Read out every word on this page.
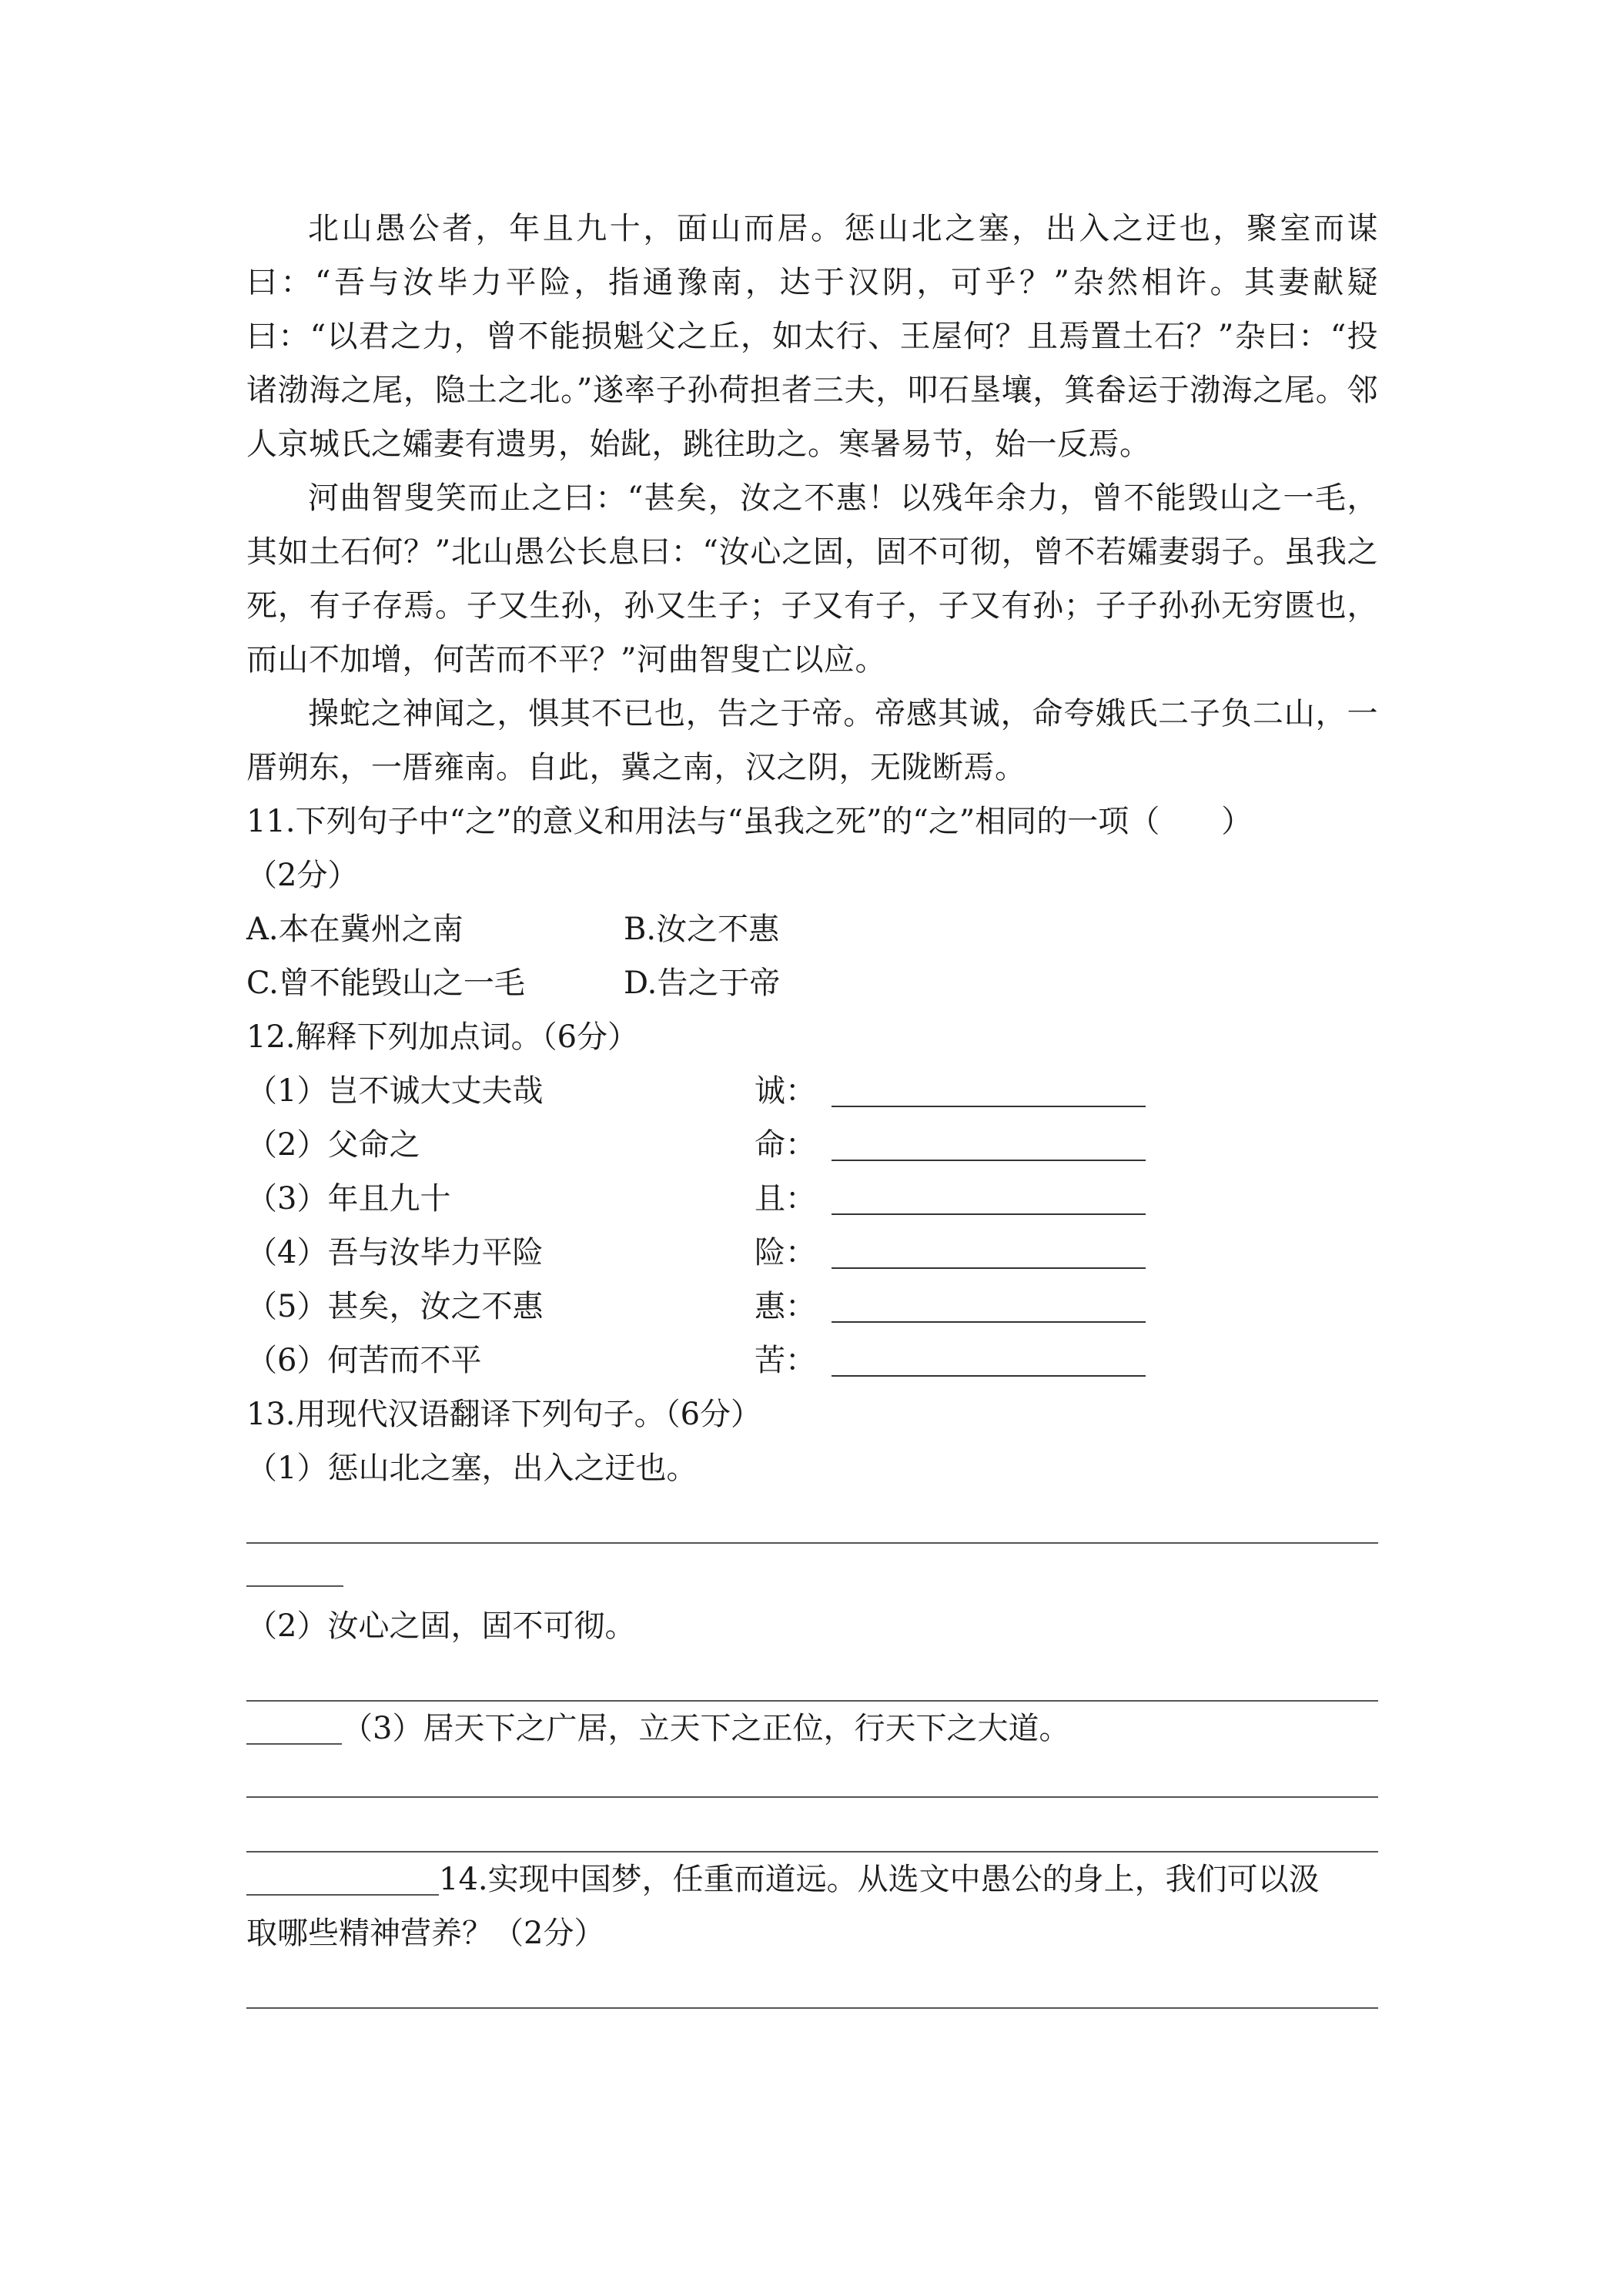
北山愚公者，年且九十，面山而居。惩山北之塞，出入之迂也，聚室而谋曰：“吾与汝毕力平险，指通豫南，达于汉阴，可乎？”杂然相许。其妻献疑曰：“以君之力，曾不能损魁父之丘，如太行、王屋何？且焉置土石？”杂曰：“投诸渤海之尾，隐土之北。”遂率子孙荷担者三夫，叩石垦壤，箕畚运于渤海之尾。邻人京城氏之孀妻有遗男，始龀，跳往助之。寒暑易节，始一反焉。

河曲智叟笑而止之曰：“甚矣，汝之不惠！以残年余力，曾不能毁山之一毛，其如土石何？”北山愚公长息曰：“汝心之固，固不可彻，曾不若孀妻弱子。虽我之死，有子存焉。子又生孙，孙又生子；子又有子，子又有孙；子子孙孙无穷匮也，而山不加增，何苦而不平？”河曲智叟亡以应。

操蛇之神闻之，惧其不已也，告之于帝。帝感其诚，命夸娥氏二子负二山，一厝朔东，一厝雍南。自此，冀之南，汉之阴，无陇断焉。

11.下列句子中“之”的意义和用法与“虽我之死”的“之”相同的一项（　　）

（2分）

A.本在冀州之南	B.汝之不惠
C.曾不能毁山之一毛	D.告之于帝

12.解释下列加点词。（6分）

（1）岂不诚大丈夫哉	诚：
（2）父命之	命：
（3）年且九十	且：
（4）吾与汝毕力平险	险：
（5）甚矣，汝之不惠	惠：
（6）何苦而不平	苦：

13.用现代汉语翻译下列句子。（6分）

（1）惩山北之塞，出入之迂也。

（2）汝心之固，固不可彻。

（3）居天下之广居，立天下之正位，行天下之大道。
14.实现中国梦，任重而道远。从选文中愚公的身上，我们可以汲

取哪些精神营养？（2分）
